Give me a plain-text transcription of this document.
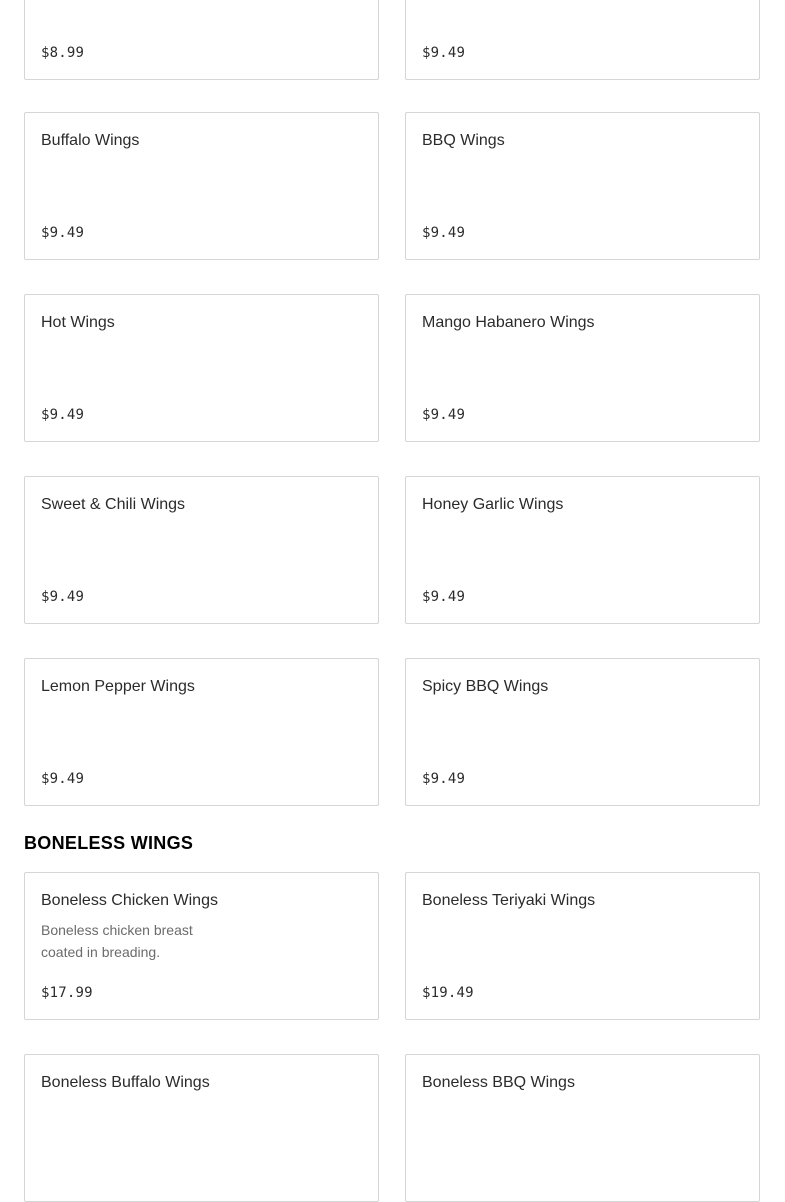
$8.99	$9.49
Buffalo Wings
$9.49
BBQ Wings
$9.49
Hot Wings
$9.49
Mango Habanero Wings
$9.49
Sweet & Chili Wings
$9.49
Honey Garlic Wings
$9.49
Lemon Pepper Wings
$9.49
Spicy BBQ Wings
$9.49
BONELESS WINGS
Boneless Chicken Wings
Boneless chicken breast coated in breading.
$17.99
Boneless Teriyaki Wings
$19.49
Boneless Buffalo Wings	Boneless BBQ Wings
